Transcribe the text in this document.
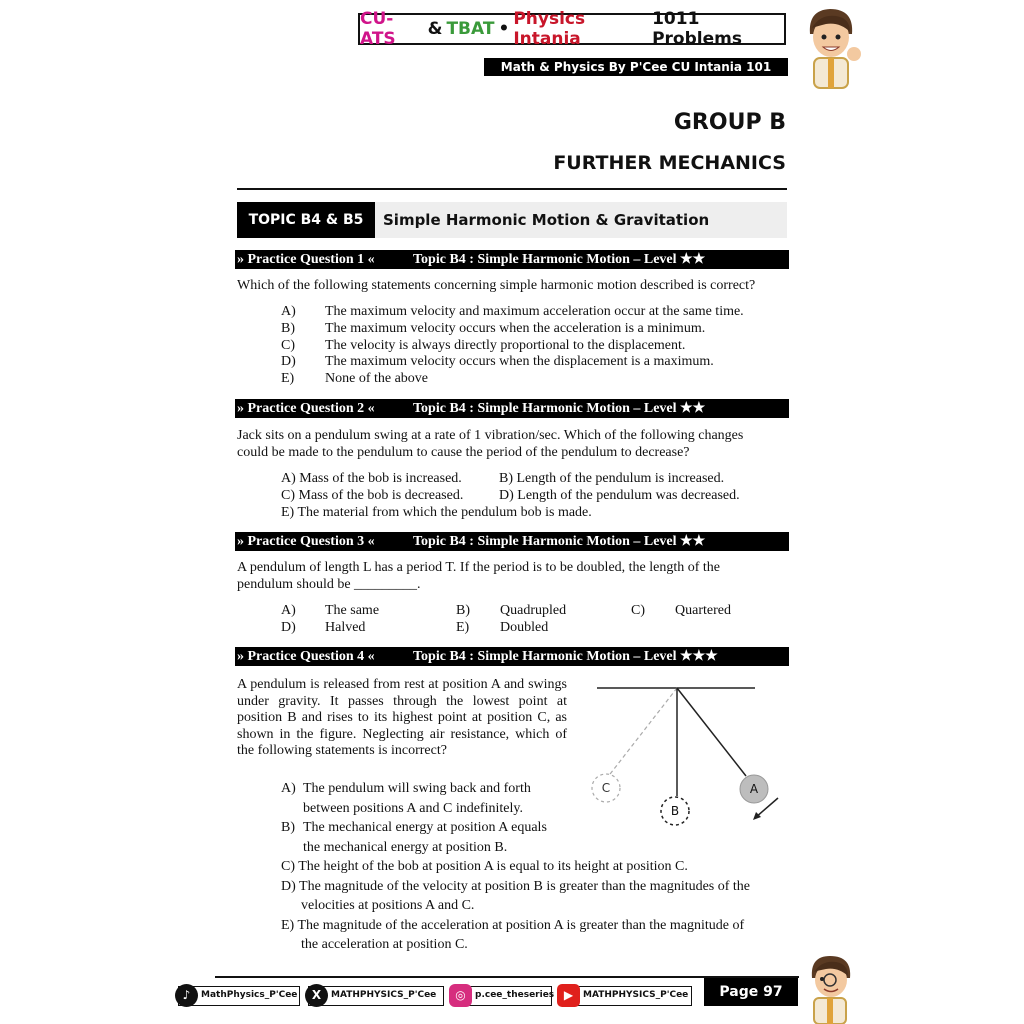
CU-ATS	& TBAT • Physics Intania
1011 Problems
Math & Physics By P'Cee CU Intania 101 (Hons)
GROUP B
FURTHER MECHANICS
TOPIC B4 & B5	Simple Harmonic Motion & Gravitation
» Practice Question 1 «	Topic B4 : Simple Harmonic Motion – Level ★★
Which of the following statements concerning simple harmonic motion described is correct?
A) The maximum velocity and maximum acceleration occur at the same time.
B) The maximum velocity occurs when the acceleration is a minimum.
C) The velocity is always directly proportional to the displacement.
D) The maximum velocity occurs when the displacement is a maximum.
E) None of the above
» Practice Question 2 «	Topic B4 : Simple Harmonic Motion – Level ★★
Jack sits on a pendulum swing at a rate of 1 vibration/sec. Which of the following changes
could be made to the pendulum to cause the period of the pendulum to decrease?
A) Mass of the bob is increased.	B) Length of the pendulum is increased.
C) Mass of the bob is decreased.	D) Length of the pendulum was decreased.
E) The material from which the pendulum bob is made.
» Practice Question 3 «	Topic B4 : Simple Harmonic Motion – Level ★★
A pendulum of length L has a period T. If the period is to be doubled, the length of the
pendulum should be _________.
A) The same	B) Quadrupled	C) Quartered
D) Halved	E) Doubled
» Practice Question 4 «	Topic B4 : Simple Harmonic Motion – Level ★★★
A pendulum is released from rest at position A and swings under gravity. It passes through the lowest point at position B and rises to its highest point at position C, as shown in the figure. Neglecting air resistance, which of the following statements is incorrect?
C
B
A
A) The pendulum will swing back and forth
between positions A and C indefinitely.
B) The mechanical energy at position A equals
the mechanical energy at position B.
C) The height of the bob at position A is equal to its height at position C.
D) The magnitude of the velocity at position B is greater than the magnitudes of the
velocities at positions A and C.
E) The magnitude of the acceleration at position A is greater than the magnitude of
the acceleration at position C.
♪	MathPhysics_P'Cee	X	MATHPHYSICS_P'Cee	◎	p.cee_theseries ▶	MATHPHYSICS_P'Cee	Page 97
